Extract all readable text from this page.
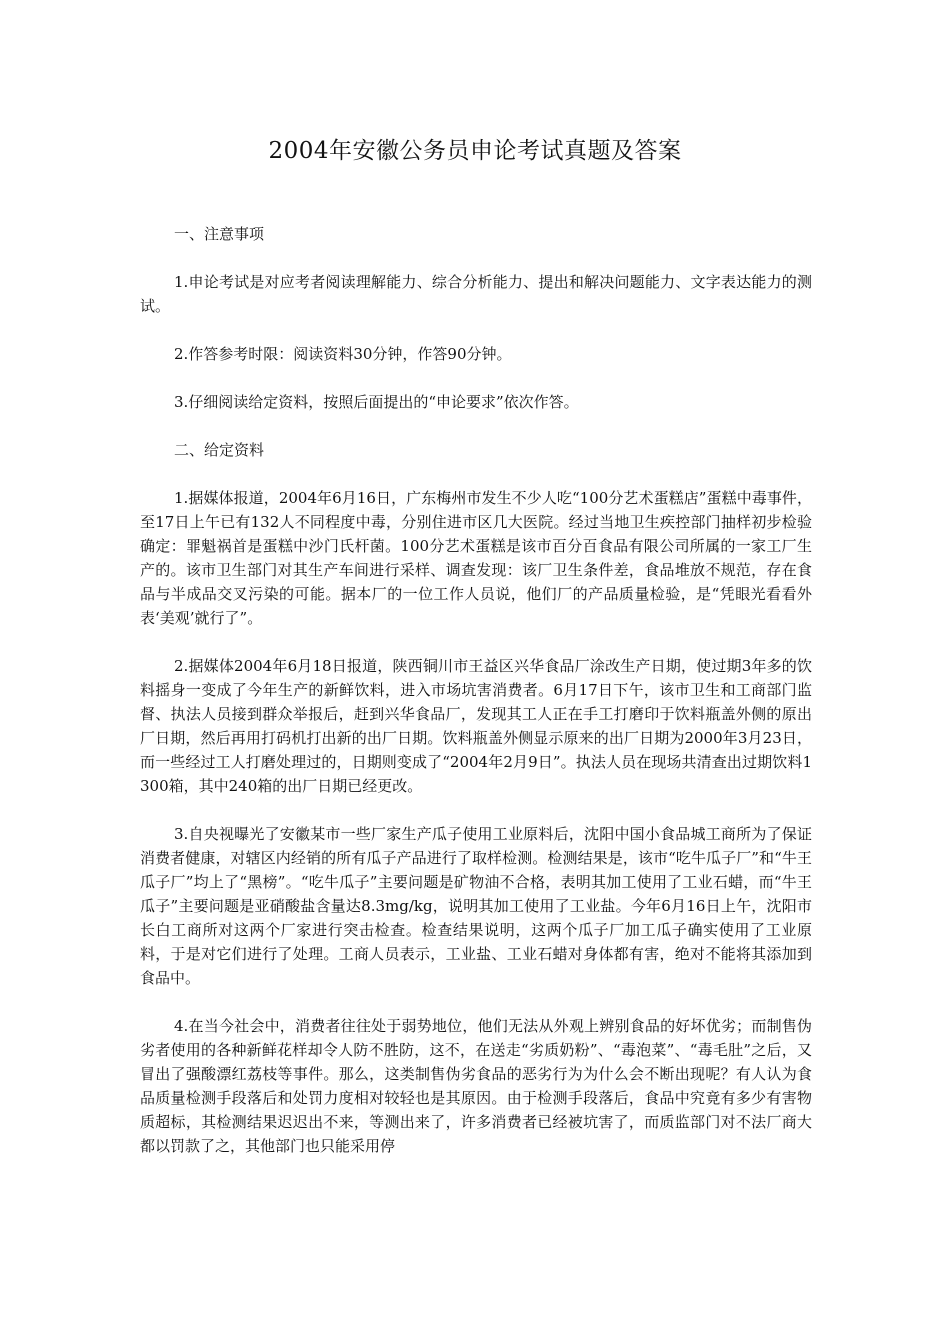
2004年安徽公务员申论考试真题及答案

一、注意事项

1.申论考试是对应考者阅读理解能力、综合分析能力、提出和解决问题能力、文字表达能力的测试。

2.作答参考时限：阅读资料30分钟，作答90分钟。

3.仔细阅读给定资料，按照后面提出的“申论要求”依次作答。

二、给定资料

1.据媒体报道，2004年6月16日，广东梅州市发生不少人吃“100分艺术蛋糕店”蛋糕中毒事件，至17日上午已有132人不同程度中毒，分别住进市区几大医院。经过当地卫生疾控部门抽样初步检验确定：罪魁祸首是蛋糕中沙门氏杆菌。100分艺术蛋糕是该市百分百食品有限公司所属的一家工厂生产的。该市卫生部门对其生产车间进行采样、调查发现：该厂卫生条件差，食品堆放不规范，存在食品与半成品交叉污染的可能。据本厂的一位工作人员说，他们厂的产品质量检验，是“凭眼光看看外表‘美观’就行了”。

2.据媒体2004年6月18日报道，陕西铜川市王益区兴华食品厂涂改生产日期，使过期3年多的饮料摇身一变成了今年生产的新鲜饮料，进入市场坑害消费者。6月17日下午，该市卫生和工商部门监督、执法人员接到群众举报后，赶到兴华食品厂，发现其工人正在手工打磨印于饮料瓶盖外侧的原出厂日期，然后再用打码机打出新的出厂日期。饮料瓶盖外侧显示原来的出厂日期为2000年3月23日，而一些经过工人打磨处理过的，日期则变成了“2004年2月9日”。执法人员在现场共清查出过期饮料1300箱，其中240箱的出厂日期已经更改。

3.自央视曝光了安徽某市一些厂家生产瓜子使用工业原料后，沈阳中国小食品城工商所为了保证消费者健康，对辖区内经销的所有瓜子产品进行了取样检测。检测结果是，该市“吃牛瓜子厂”和“牛王瓜子厂”均上了“黑榜”。“吃牛瓜子”主要问题是矿物油不合格，表明其加工使用了工业石蜡，而“牛王瓜子”主要问题是亚硝酸盐含量达8.3mg/kg，说明其加工使用了工业盐。今年6月16日上午，沈阳市长白工商所对这两个厂家进行突击检查。检查结果说明，这两个瓜子厂加工瓜子确实使用了工业原料，于是对它们进行了处理。工商人员表示，工业盐、工业石蜡对身体都有害，绝对不能将其添加到食品中。

4.在当今社会中，消费者往往处于弱势地位，他们无法从外观上辨别食品的好坏优劣；而制售伪劣者使用的各种新鲜花样却令人防不胜防，这不，在送走“劣质奶粉”、“毒泡菜”、“毒毛肚”之后，又冒出了强酸漂红荔枝等事件。那么，这类制售伪劣食品的恶劣行为为什么会不断出现呢？有人认为食品质量检测手段落后和处罚力度相对较轻也是其原因。由于检测手段落后，食品中究竟有多少有害物质超标，其检测结果迟迟出不来，等测出来了，许多消费者已经被坑害了，而质监部门对不法厂商大都以罚款了之，其他部门也只能采用停
